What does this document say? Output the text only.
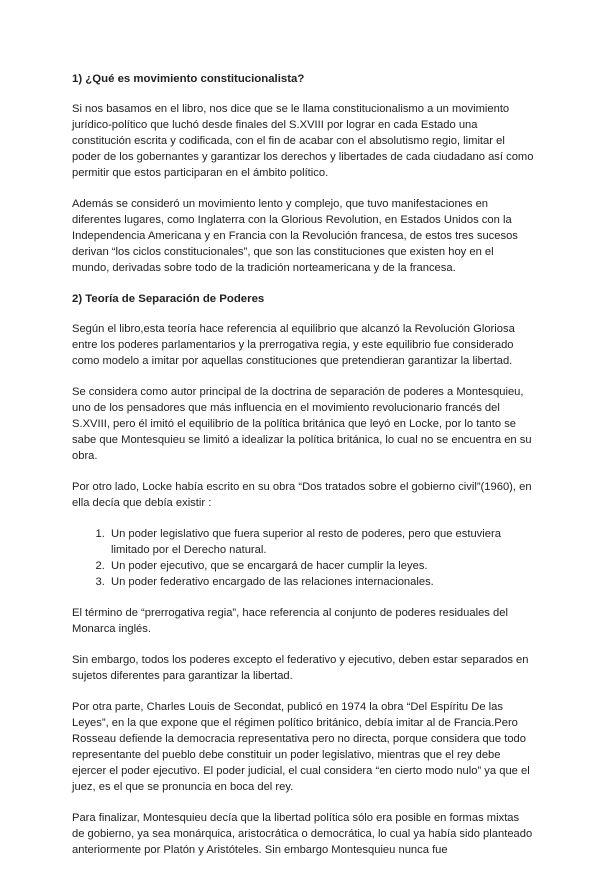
1) ¿Qué es movimiento constitucionalista?

Si nos basamos en el libro, nos dice que se le llama constitucionalismo a un movimiento jurídico-político que luchó desde finales del S.XVIII por lograr en cada Estado una constitución escrita y codificada, con el fin de acabar con el absolutismo regio, limitar el poder de los gobernantes y garantizar los derechos y libertades de cada ciudadano así como permitir que estos participaran en el ámbito político.

Además se consideró un movimiento lento y complejo, que tuvo manifestaciones en diferentes lugares, como Inglaterra con la Glorious Revolution, en Estados Unidos con la Independencia Americana y en Francia con la Revolución francesa, de estos tres sucesos derivan “los ciclos constitucionales”, que son las constituciones que existen hoy en el mundo, derivadas sobre todo de la tradición norteamericana y de la francesa.

2) Teoría de Separación de Poderes

Según el libro,esta teoría hace referencia al equilibrio que alcanzó la Revolución Gloriosa entre los poderes parlamentarios y la prerrogativa regia, y este equilibrio fue considerado como modelo a imitar por aquellas constituciones que pretendieran garantizar la libertad.

Se considera como autor principal de la doctrina de separación de poderes a Montesquieu, uno de los pensadores que más influencia en el movimiento revolucionario francés del S.XVIII, pero él imitó el equilibrio de la política británica que leyó en Locke, por lo tanto se sabe que Montesquieu se limitó a idealizar la política británica, lo cual no se encuentra en su obra.

Por otro lado, Locke había escrito en su obra “Dos tratados sobre el gobierno civil”(1960), en ella decía que debía existir :

1. Un poder legislativo que fuera superior al resto de poderes, pero que estuviera limitado por el Derecho natural.
2. Un poder ejecutivo, que se encargará de hacer cumplir la leyes.
3. Un poder federativo encargado de las relaciones internacionales.

El término de “prerrogativa regia”, hace referencia al conjunto de poderes residuales del Monarca inglés.

Sin embargo, todos los poderes excepto el federativo y ejecutivo, deben estar separados en sujetos diferentes para garantizar la libertad.

Por otra parte, Charles Louis de Secondat, publicó en 1974 la obra “Del Espíritu De las Leyes”, en la que expone que el régimen político británico, debía imitar al de Francia.Pero Rosseau defiende la democracia representativa pero no directa, porque considera que todo representante del pueblo debe constituir un poder legislativo, mientras que el rey debe ejercer el poder ejecutivo. El poder judicial, el cual considera “en cierto modo nulo” ya que el juez, es el que se pronuncia en boca del rey.

Para finalizar, Montesquieu decía que la libertad política sólo era posible en formas mixtas de gobierno, ya sea monárquica, aristocrática o democrática, lo cual ya había sido planteado anteriormente por Platón y Aristóteles. Sin embargo Montesquieu nunca fue
